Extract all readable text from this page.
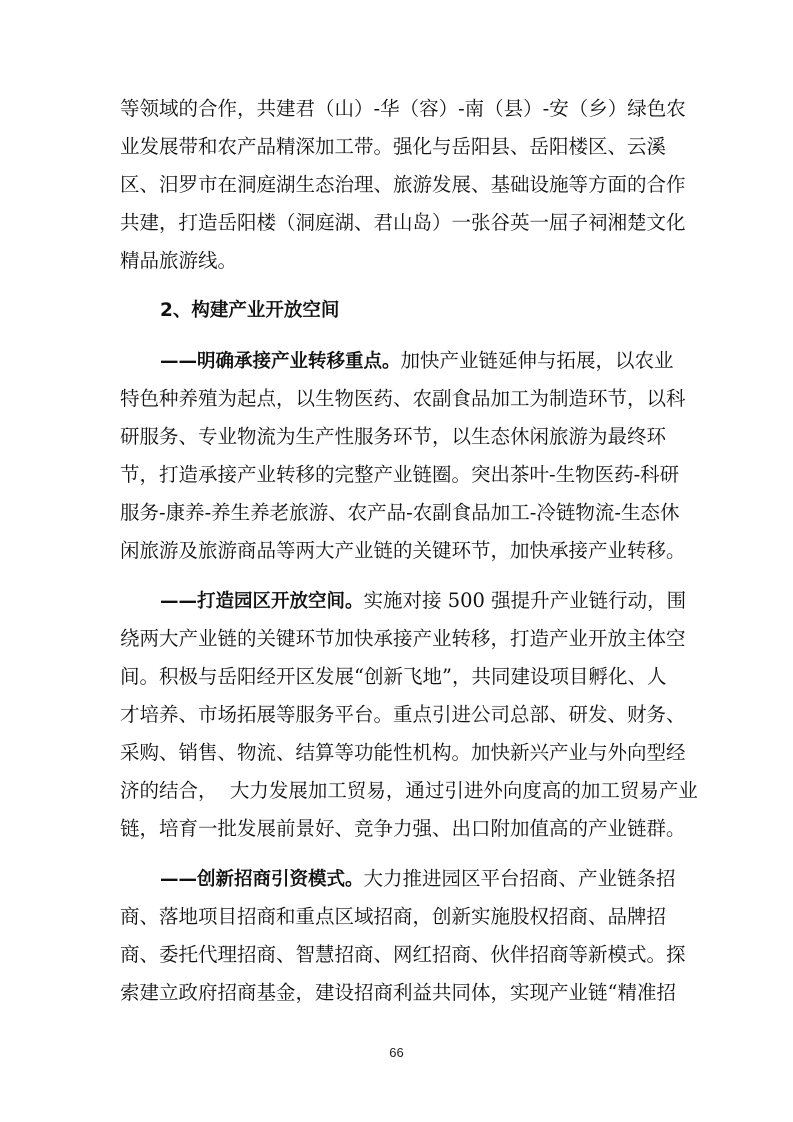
等领域的合作，共建君（山）-华（容）-南（县）-安（乡）绿色农
业发展带和农产品精深加工带。强化与岳阳县、岳阳楼区、云溪
区、汨罗市在洞庭湖生态治理、旅游发展、基础设施等方面的合作
共建，打造岳阳楼（洞庭湖、君山岛）一张谷英一屈子祠湘楚文化
精品旅游线。
2、构建产业开放空间
——明确承接产业转移重点。加快产业链延伸与拓展，以农业
特色种养殖为起点，以生物医药、农副食品加工为制造环节，以科
研服务、专业物流为生产性服务环节，以生态休闲旅游为最终环
节，打造承接产业转移的完整产业链圈。突出茶叶-生物医药-科研
服务-康养-养生养老旅游、农产品-农副食品加工-冷链物流-生态休
闲旅游及旅游商品等两大产业链的关键环节，加快承接产业转移。
——打造园区开放空间。实施对接 500 强提升产业链行动，围
绕两大产业链的关键环节加快承接产业转移，打造产业开放主体空
间。积极与岳阳经开区发展“创新飞地”，共同建设项目孵化、人
才培养、市场拓展等服务平台。重点引进公司总部、研发、财务、
采购、销售、物流、结算等功能性机构。加快新兴产业与外向型经
济的结合，  大力发展加工贸易，通过引进外向度高的加工贸易产业
链，培育一批发展前景好、竞争力强、出口附加值高的产业链群。
——创新招商引资模式。大力推进园区平台招商、产业链条招
商、落地项目招商和重点区域招商，创新实施股权招商、品牌招
商、委托代理招商、智慧招商、网红招商、伙伴招商等新模式。探
索建立政府招商基金，建设招商利益共同体，实现产业链“精准招
66
